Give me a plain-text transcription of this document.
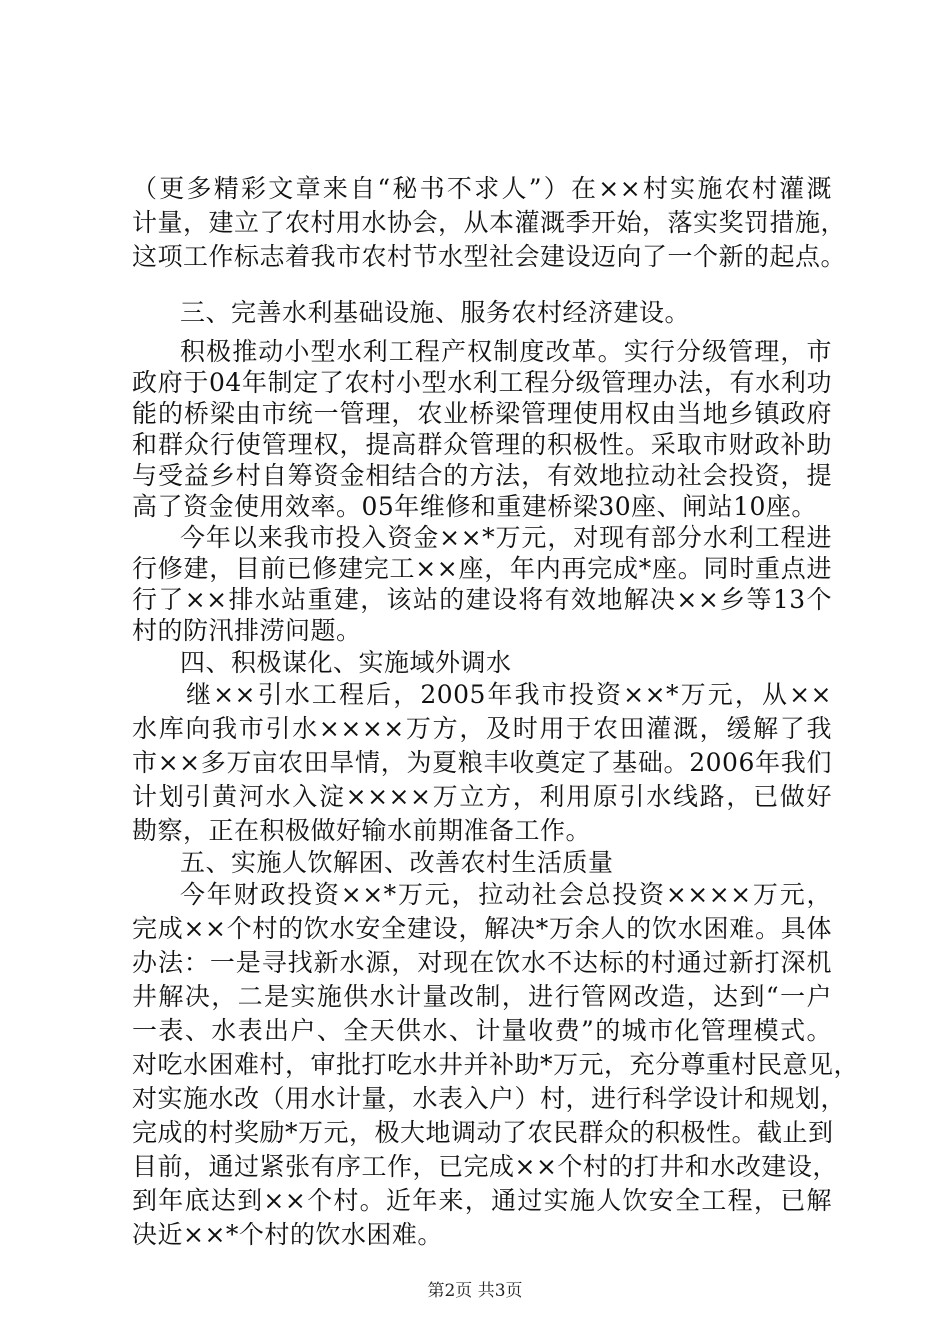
（更多精彩文章来自“秘书不求人”）在××村实施农村灌溉
计量，建立了农村用水协会，从本灌溉季开始，落实奖罚措施，
这项工作标志着我市农村节水型社会建设迈向了一个新的起点。
三、完善水利基础设施、服务农村经济建设。
积极推动小型水利工程产权制度改革。实行分级管理，市
政府于04年制定了农村小型水利工程分级管理办法，有水利功
能的桥梁由市统一管理，农业桥梁管理使用权由当地乡镇政府
和群众行使管理权，提高群众管理的积极性。采取市财政补助
与受益乡村自筹资金相结合的方法，有效地拉动社会投资，提
高了资金使用效率。05年维修和重建桥梁30座、闸站10座。
今年以来我市投入资金××*万元，对现有部分水利工程进
行修建，目前已修建完工××座，年内再完成*座。同时重点进
行了××排水站重建，该站的建设将有效地解决××乡等13个
村的防汛排涝问题。
四、积极谋化、实施域外调水
继××引水工程后，2005年我市投资××*万元，从××
水库向我市引水××××万方，及时用于农田灌溉，缓解了我
市××多万亩农田旱情，为夏粮丰收奠定了基础。2006年我们
计划引黄河水入淀××××万立方，利用原引水线路，已做好
勘察，正在积极做好输水前期准备工作。
五、实施人饮解困、改善农村生活质量
今年财政投资××*万元，拉动社会总投资××××万元，
完成××个村的饮水安全建设，解决*万余人的饮水困难。具体
办法：一是寻找新水源，对现在饮水不达标的村通过新打深机
井解决，二是实施供水计量改制，进行管网改造，达到“一户
一表、水表出户、全天供水、计量收费”的城市化管理模式。
对吃水困难村，审批打吃水井并补助*万元，充分尊重村民意见，
对实施水改（用水计量，水表入户）村，进行科学设计和规划，
完成的村奖励*万元，极大地调动了农民群众的积极性。截止到
目前，通过紧张有序工作，已完成××个村的打井和水改建设，
到年底达到××个村。近年来，通过实施人饮安全工程，已解
决近××*个村的饮水困难。
第2页 共3页
